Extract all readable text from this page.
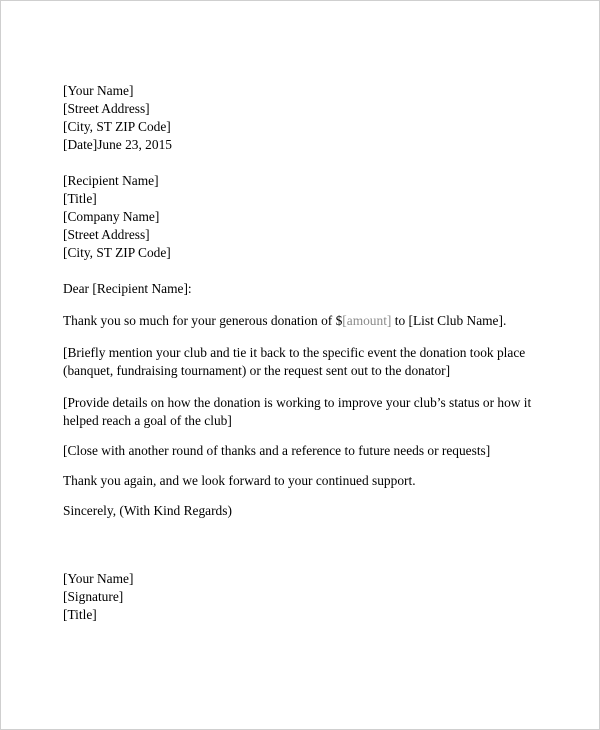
[Your Name]
[Street Address]
[City, ST ZIP Code]
[Date]June 23, 2015
[Recipient Name]
[Title]
[Company Name]
[Street Address]
[City, ST ZIP Code]

Dear [Recipient Name]:

Thank you so much for your generous donation of $[amount] to [List Club Name].

[Briefly mention your club and tie it back to the specific event the donation took place
(banquet, fundraising tournament) or the request sent out to the donator]

[Provide details on how the donation is working to improve your club’s status or how it
helped reach a goal of the club]

[Close with another round of thanks and a reference to future needs or requests]

Thank you again, and we look forward to your continued support.

Sincerely, (With Kind Regards)

[Your Name]
[Signature]
[Title]
